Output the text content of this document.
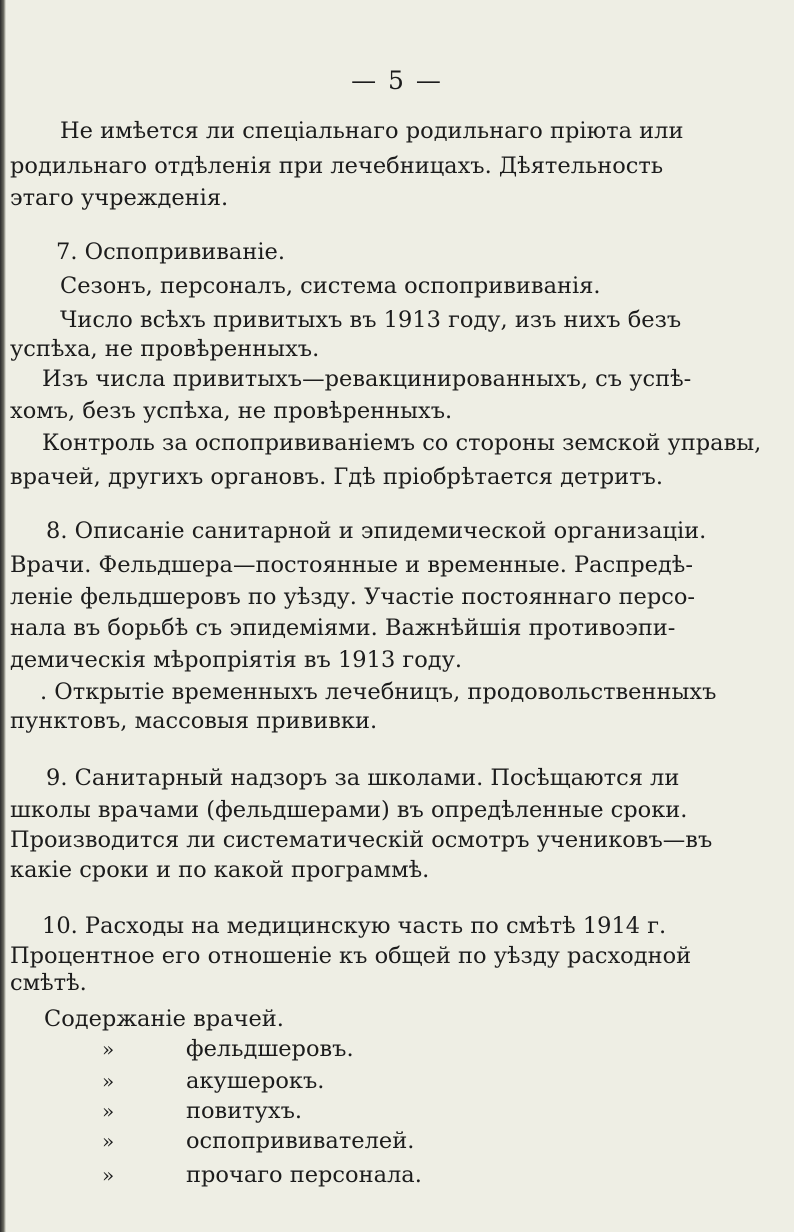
— 5 —
Не имѣется ли спеціальнаго родильнаго пріюта или
родильнаго отдѣленія при лечебницахъ. Дѣятельность
этаго учрежденія.
7. Оспопрививаніе.
Сезонъ, персоналъ, система оспопрививанія.
Число всѣхъ привитыхъ въ 1913 году, изъ нихъ безъ
успѣха, не провѣренныхъ.
Изъ числа привитыхъ—ревакцинированныхъ, съ успѣ-
хомъ, безъ успѣха, не провѣренныхъ.
Контроль за оспопрививаніемъ со стороны земской управы,
врачей, другихъ органовъ. Гдѣ пріобрѣтается детритъ.
8. Описаніе санитарной и эпидемической организаціи.
Врачи. Фельдшера—постоянные и временные. Распредѣ-
леніе фельдшеровъ по уѣзду. Участіе постояннаго персо-
нала въ борьбѣ съ эпидеміями. Важнѣйшія противоэпи-
демическія мѣропріятія въ 1913 году.
. Открытіе временныхъ лечебницъ, продовольственныхъ
пунктовъ, массовыя прививки.
9. Санитарный надзоръ за школами. Посѣщаются ли
школы врачами (фельдшерами) въ опредѣленные сроки.
Производится ли систематическій осмотръ учениковъ—въ
какіе сроки и по какой программѣ.
10. Расходы на медицинскую часть по смѣтѣ 1914 г.
Процентное его отношеніе къ общей по уѣзду расходной
смѣтѣ.
Содержаніе врачей.
»	фельдшеровъ.
»	акушерокъ.
»	повитухъ.
»	оспопрививателей.
»	прочаго персонала.
